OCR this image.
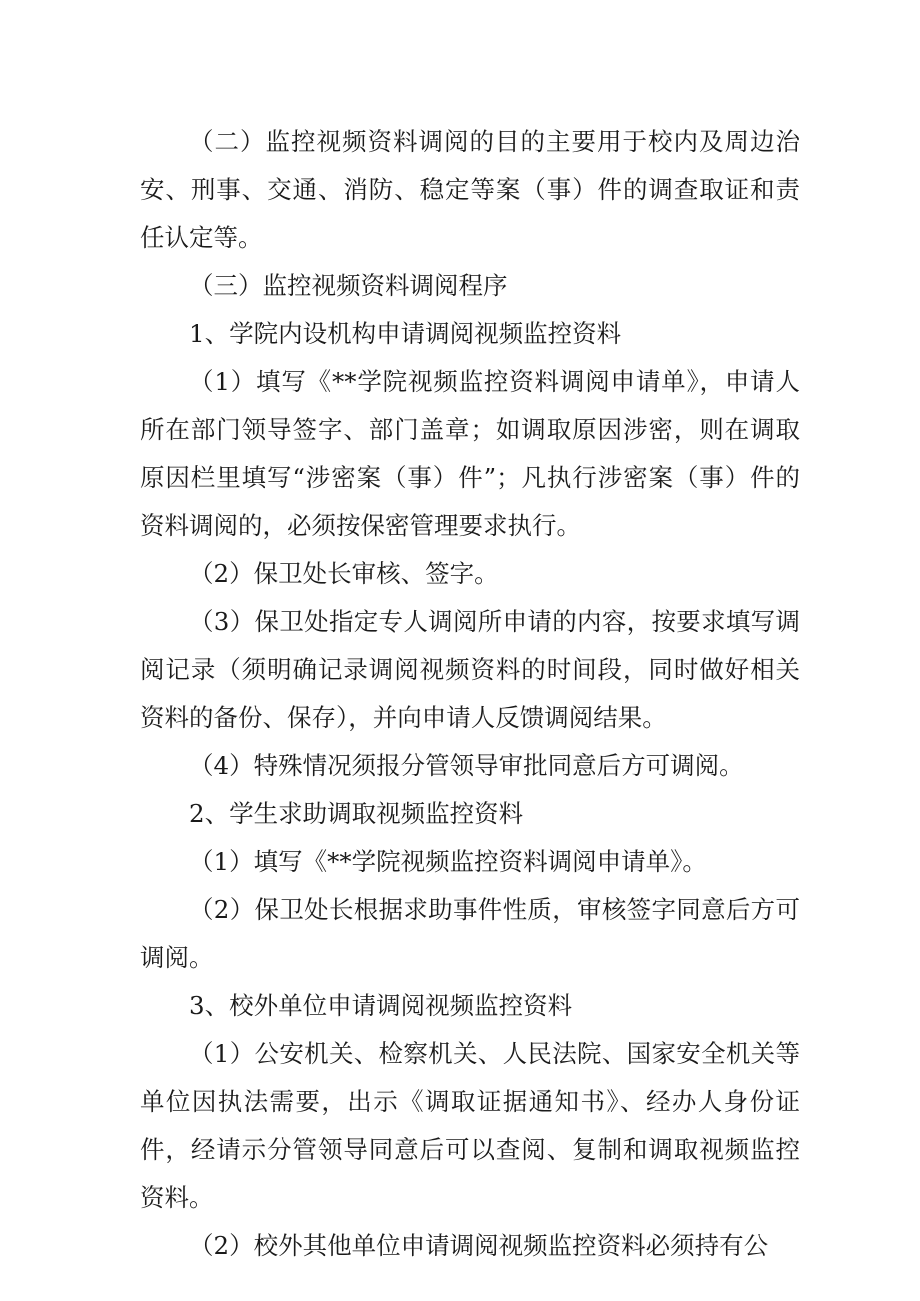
（二）监控视频资料调阅的目的主要用于校内及周边治安、刑事、交通、消防、稳定等案（事）件的调查取证和责任认定等。

（三）监控视频资料调阅程序

1、学院内设机构申请调阅视频监控资料

（1）填写《**学院视频监控资料调阅申请单》，申请人所在部门领导签字、部门盖章；如调取原因涉密，则在调取原因栏里填写“涉密案（事）件”；凡执行涉密案（事）件的资料调阅的，必须按保密管理要求执行。

（2）保卫处长审核、签字。

（3）保卫处指定专人调阅所申请的内容，按要求填写调阅记录（须明确记录调阅视频资料的时间段，同时做好相关资料的备份、保存），并向申请人反馈调阅结果。

（4）特殊情况须报分管领导审批同意后方可调阅。

2、学生求助调取视频监控资料

（1）填写《**学院视频监控资料调阅申请单》。

（2）保卫处长根据求助事件性质，审核签字同意后方可调阅。

3、校外单位申请调阅视频监控资料

（1）公安机关、检察机关、人民法院、国家安全机关等单位因执法需要，出示《调取证据通知书》、经办人身份证件，经请示分管领导同意后可以查阅、复制和调取视频监控资料。

（2）校外其他单位申请调阅视频监控资料必须持有公
